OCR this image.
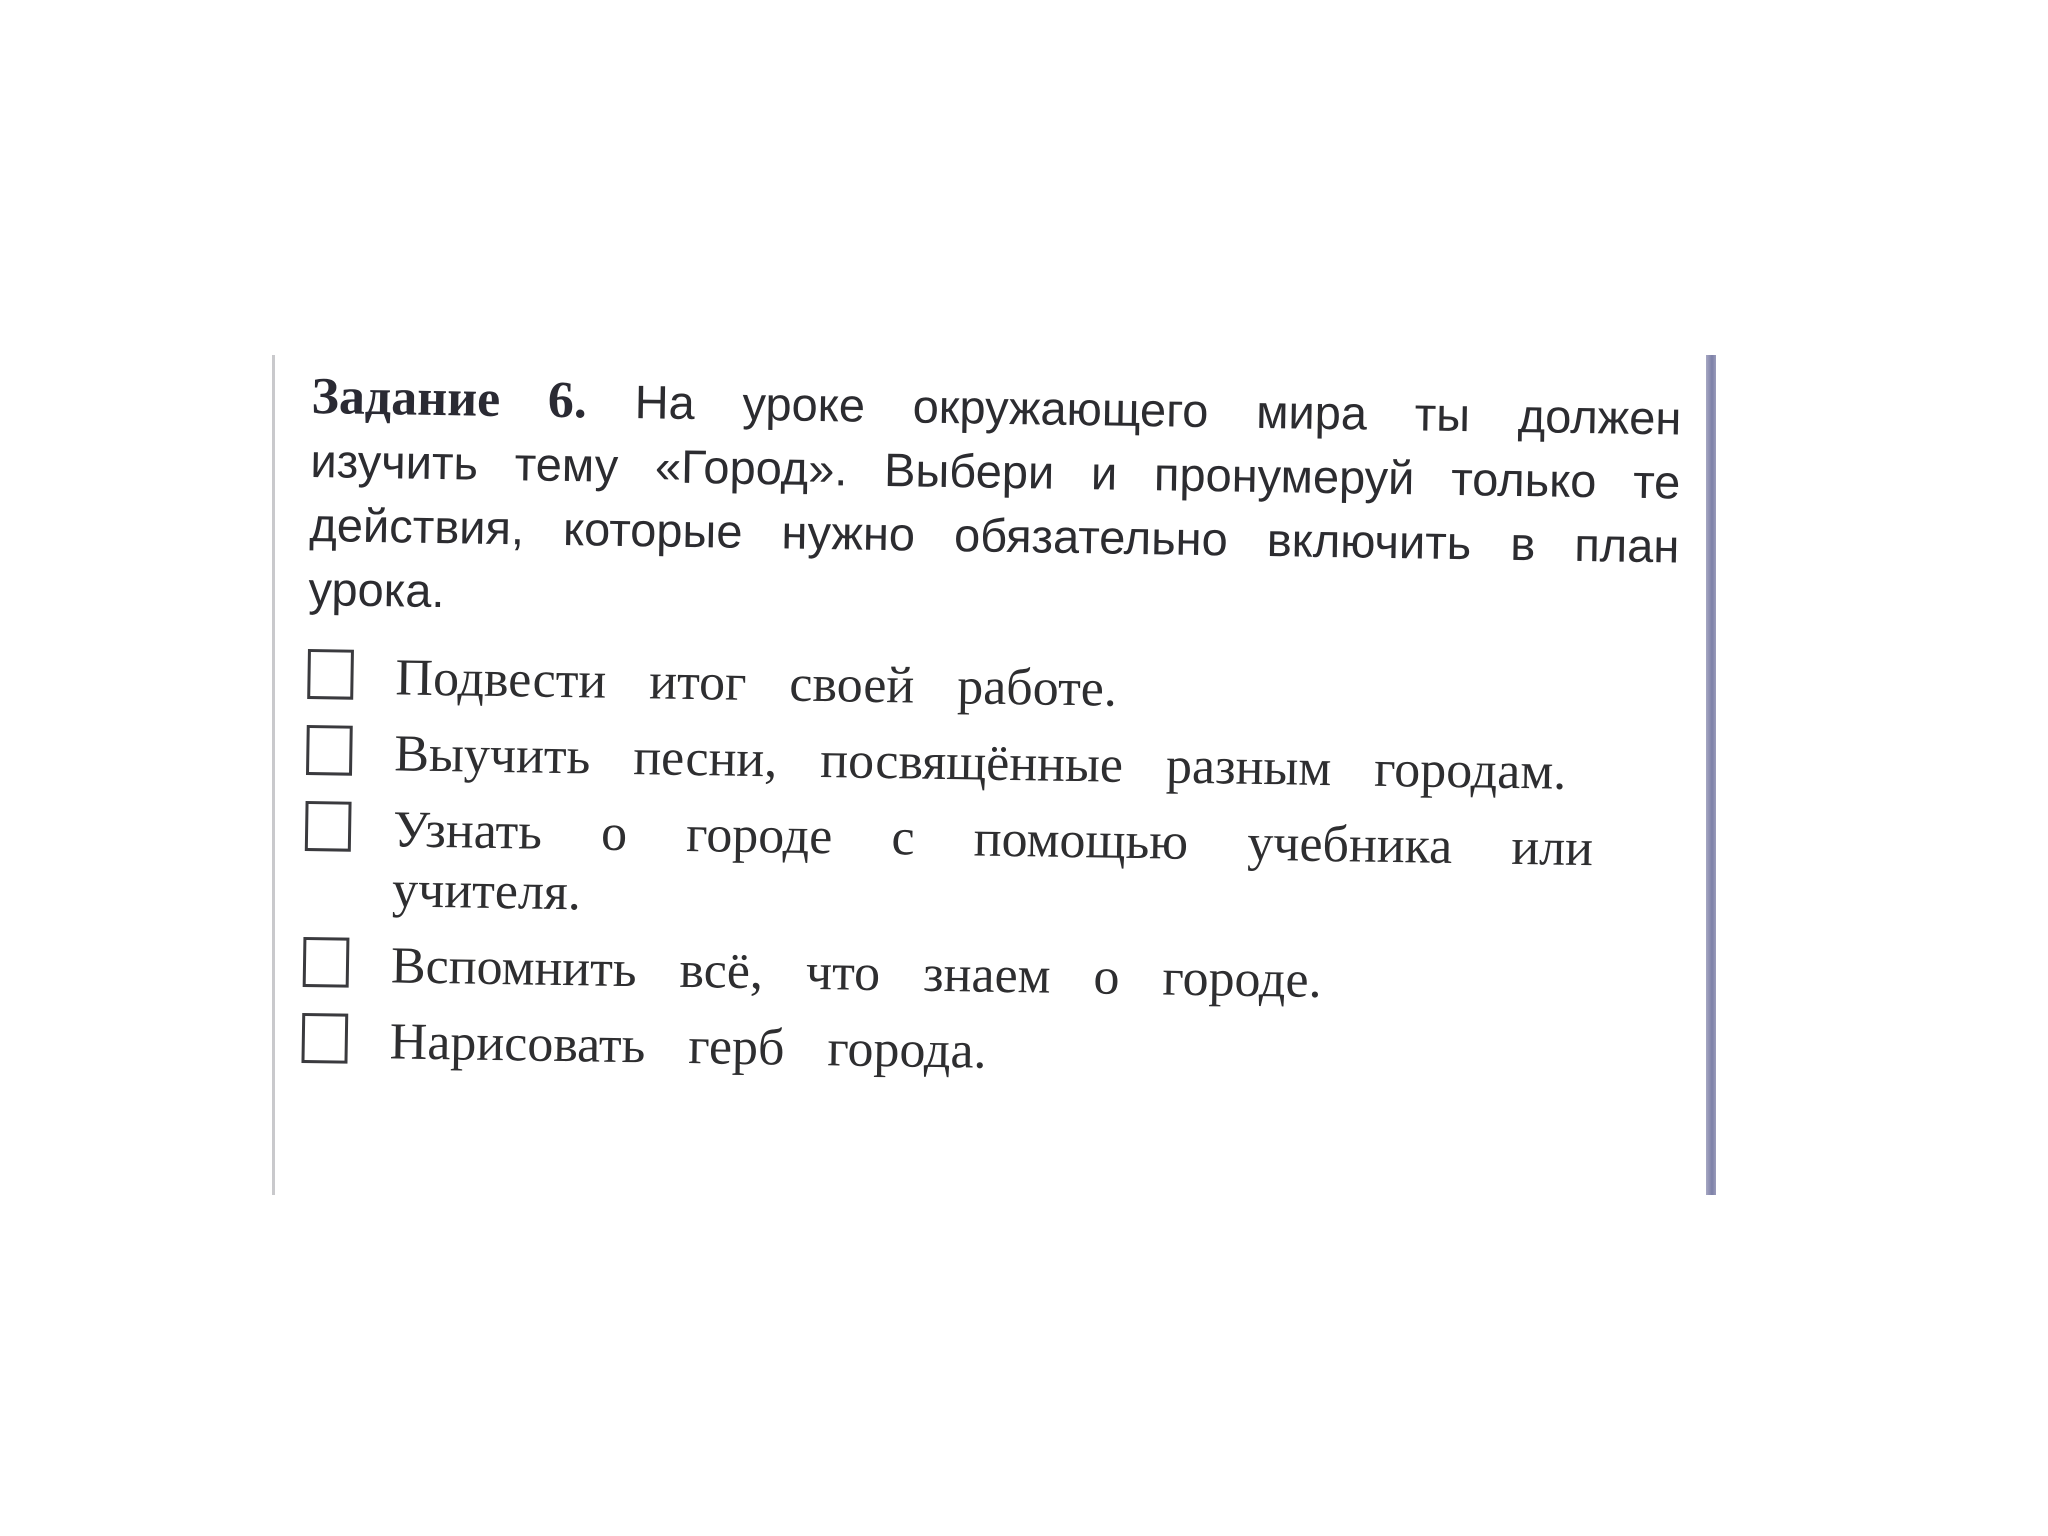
Задание 6. На уроке окружающего мира ты должен изучить тему «Город». Выбери и пронумеруй только те действия, которые нужно обязательно включить в план урока.
Подвести итог своей работе.
Выучить песни, посвящённые разным городам.
Узнать о городе с помощью учебника или учителя.
Вспомнить всё, что знаем о городе.
Нарисовать герб города.
